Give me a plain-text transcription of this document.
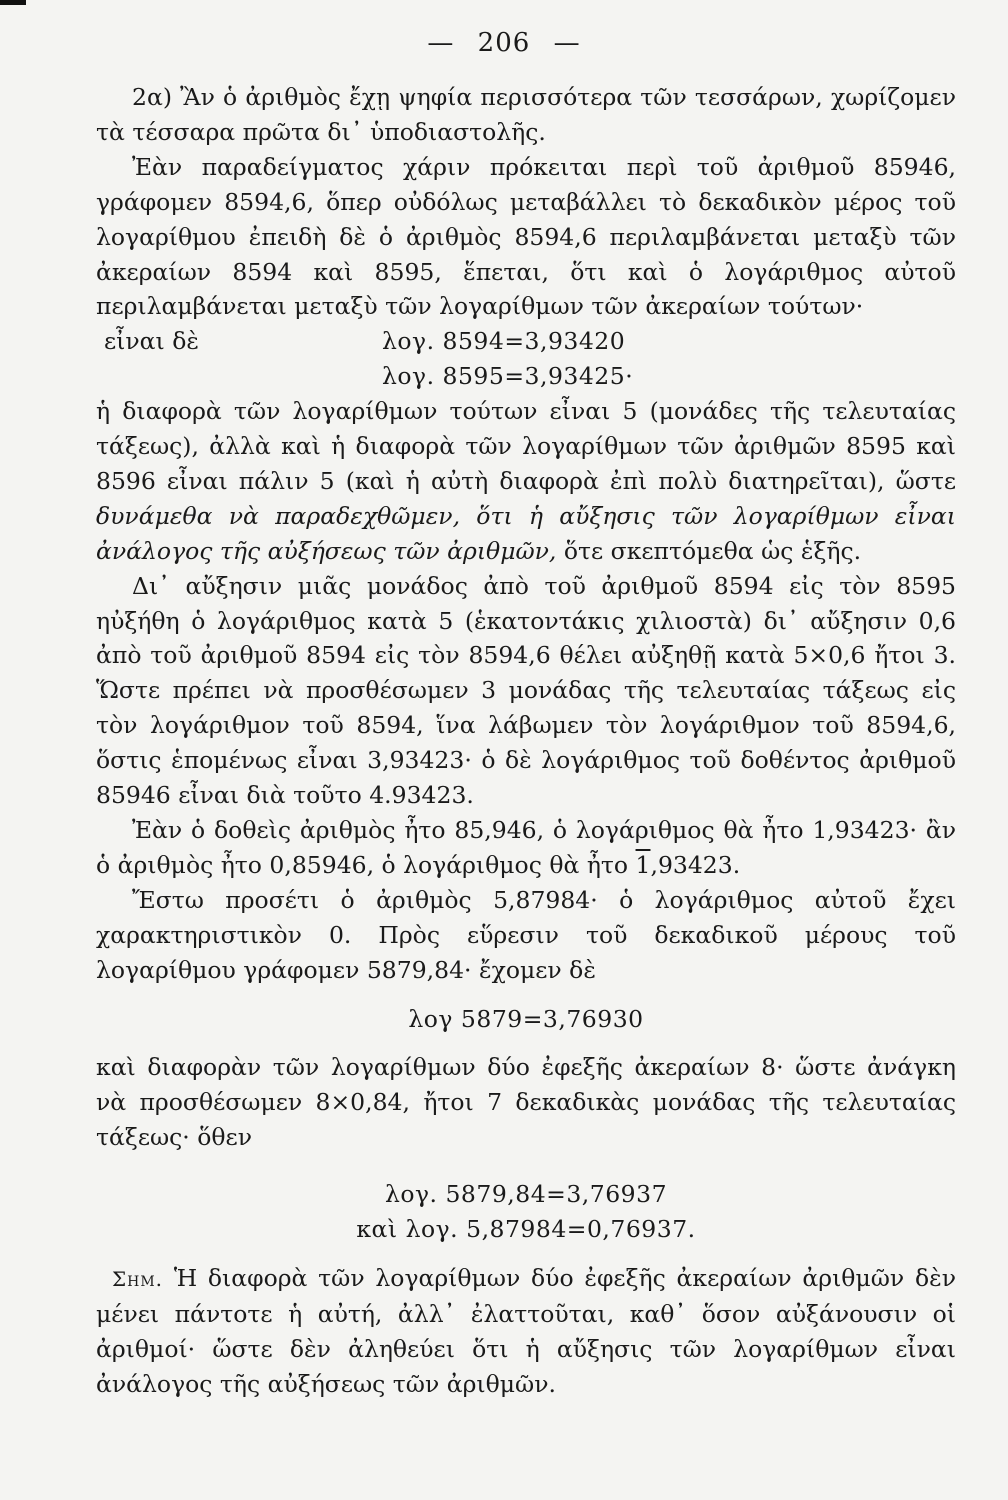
— 206 —

2α) Ἂν ὁ ἀριθμὸς ἔχῃ ψηφία περισσότερα τῶν τεσσάρων, χωρίζομεν τὰ τέσσαρα πρῶτα δι᾽ ὑποδιαστολῆς.

Ἐὰν παραδείγματος χάριν πρόκειται περὶ τοῦ ἀριθμοῦ 85946, γράφομεν 8594,6, ὅπερ οὐδόλως μεταβάλλει τὸ δεκαδικὸν μέρος τοῦ λογαρίθμου ἐπειδὴ δὲ ὁ ἀριθμὸς 8594,6 περιλαμβάνεται μεταξὺ τῶν ἀκεραίων 8594 καὶ 8595, ἕπεται, ὅτι καὶ ὁ λογάριθμος αὐτοῦ περιλαμβάνεται μεταξὺ τῶν λογαρίθμων τῶν ἀκεραίων τούτων·

εἶναι δὲ	λογ. 8594=3,93420
λογ. 8595=3,93425·

ἡ διαφορὰ τῶν λογαρίθμων τούτων εἶναι 5 (μονάδες τῆς τελευταίας τάξεως), ἀλλὰ καὶ ἡ διαφορὰ τῶν λογαρίθμων τῶν ἀριθμῶν 8595 καὶ 8596 εἶναι πάλιν 5 (καὶ ἡ αὐτὴ διαφορὰ ἐπὶ πολὺ διατηρεῖται), ὥστε δυνάμεθα νὰ παραδεχθῶμεν, ὅτι ἡ αὔξησις τῶν λογαρίθμων εἶναι ἀνάλογος τῆς αὐξήσεως τῶν ἀριθμῶν, ὅτε σκεπτόμεθα ὡς ἑξῆς.

Δι᾽ αὔξησιν μιᾶς μονάδος ἀπὸ τοῦ ἀριθμοῦ 8594 εἰς τὸν 8595 ηὐξήθη ὁ λογάριθμος κατὰ 5 (ἑκατοντάκις χιλιοστὰ) δι᾽ αὔξησιν 0,6 ἀπὸ τοῦ ἀριθμοῦ 8594 εἰς τὸν 8594,6 θέλει αὐξηθῇ κατὰ 5×0,6 ἤτοι 3. Ὥστε πρέπει νὰ προσθέσωμεν 3 μονάδας τῆς τελευταίας τάξεως εἰς τὸν λογάριθμον τοῦ 8594, ἵνα λάβωμεν τὸν λογάριθμον τοῦ 8594,6, ὅστις ἑπομένως εἶναι 3,93423· ὁ δὲ λογάριθμος τοῦ δοθέντος ἀριθμοῦ 85946 εἶναι διὰ τοῦτο 4.93423.

Ἐὰν ὁ δοθεὶς ἀριθμὸς ἦτο 85,946, ὁ λογάριθμος θὰ ἦτο 1,93423· ἂν ὁ ἀριθμὸς ἦτο 0,85946, ὁ λογάριθμος θὰ ἦτο 1,93423.

Ἔστω προσέτι ὁ ἀριθμὸς 5,87984· ὁ λογάριθμος αὐτοῦ ἔχει χαρακτηριστικὸν 0. Πρὸς εὕρεσιν τοῦ δεκαδικοῦ μέρους τοῦ λογαρίθμου γράφομεν 5879,84· ἔχομεν δὲ

λογ 5879=3,76930

καὶ διαφορὰν τῶν λογαρίθμων δύο ἐφεξῆς ἀκεραίων 8· ὥστε ἀνάγκη νὰ προσθέσωμεν 8×0,84, ἤτοι 7 δεκαδικὰς μονάδας τῆς τελευταίας τάξεως· ὅθεν

λογ. 5879,84=3,76937
καὶ λογ. 5,87984=0,76937.

Σημ. Ἡ διαφορὰ τῶν λογαρίθμων δύο ἐφεξῆς ἀκεραίων ἀριθμῶν δὲν μένει πάντοτε ἡ αὐτή, ἀλλ᾽ ἐλαττοῦται, καθ᾽ ὅσον αὐξάνουσιν οἱ ἀριθμοί· ὥστε δὲν ἀληθεύει ὅτι ἡ αὔξησις τῶν λογαρίθμων εἶναι ἀνάλογος τῆς αὐξήσεως τῶν ἀριθμῶν.
